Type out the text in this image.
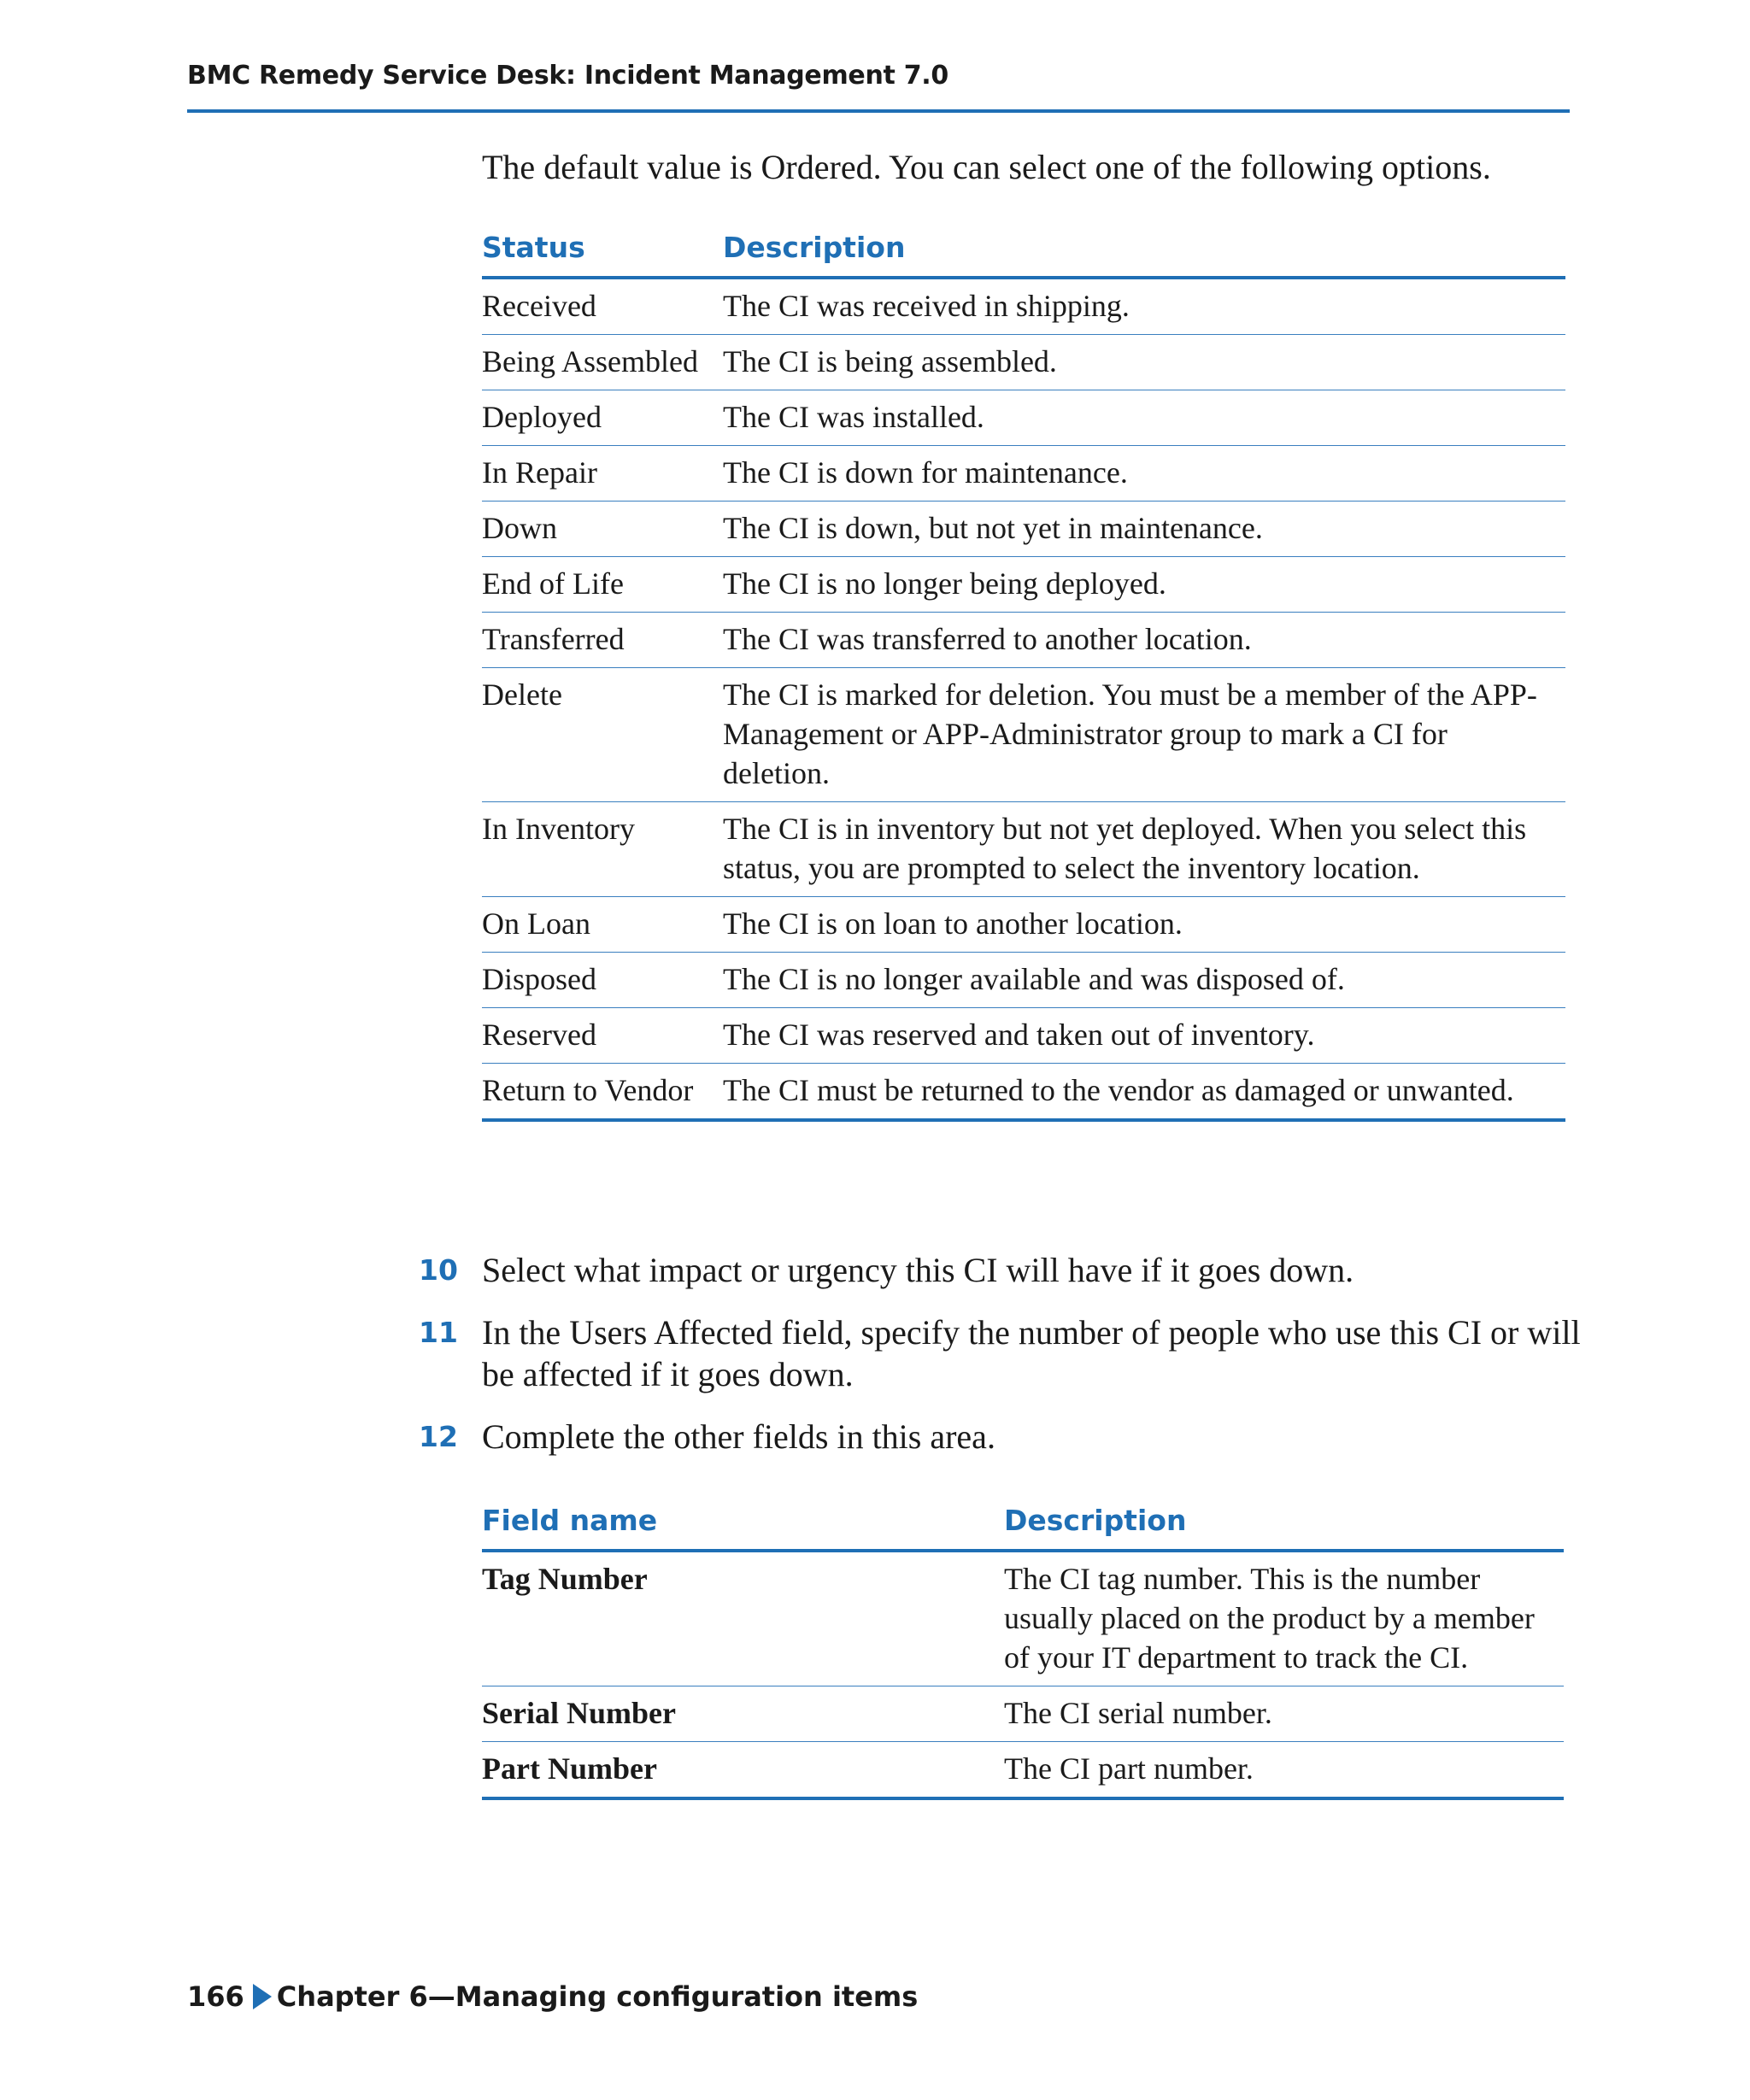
BMC Remedy Service Desk: Incident Management 7.0
The default value is Ordered. You can select one of the following options.
Status	Description
Received	The CI was received in shipping.
Being Assembled	The CI is being assembled.
Deployed	The CI was installed.
In Repair	The CI is down for maintenance.
Down	The CI is down, but not yet in maintenance.
End of Life	The CI is no longer being deployed.
Transferred	The CI was transferred to another location.
Delete	The CI is marked for deletion. You must be a member of the APP-Management or APP-Administrator group to mark a CI for deletion.
In Inventory	The CI is in inventory but not yet deployed. When you select this status, you are prompted to select the inventory location.
On Loan	The CI is on loan to another location.
Disposed	The CI is no longer available and was disposed of.
Reserved	The CI was reserved and taken out of inventory.
Return to Vendor	The CI must be returned to the vendor as damaged or unwanted.
10 Select what impact or urgency this CI will have if it goes down.
11 In the Users Affected field, specify the number of people who use this CI or will be affected if it goes down.
12 Complete the other fields in this area.
Field name	Description
Tag Number	The CI tag number. This is the number usually placed on the product by a member of your IT department to track the CI.
Serial Number	The CI serial number.
Part Number	The CI part number.
166 Chapter 6—Managing configuration items
